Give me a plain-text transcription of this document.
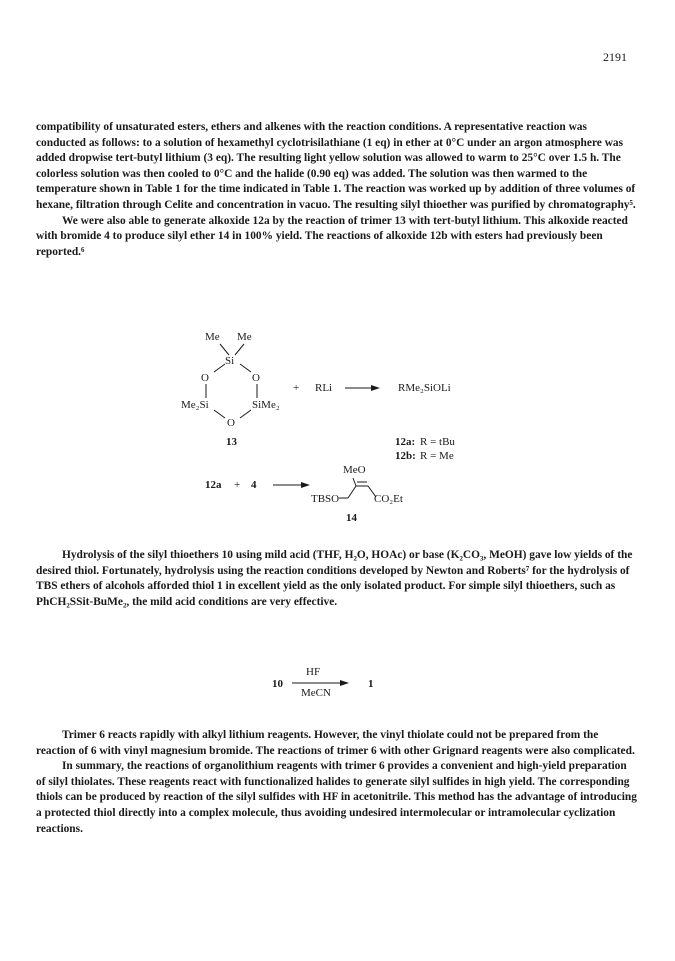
2191

compatibility of unsaturated esters, ethers and alkenes with the reaction conditions. A representative reaction was conducted as follows: to a solution of hexamethyl cyclotrisilathiane (1 eq) in ether at 0°C under an argon atmosphere was added dropwise tert-butyl lithium (3 eq). The resulting light yellow solution was allowed to warm to 25°C over 1.5 h. The colorless solution was then cooled to 0°C and the halide (0.90 eq) was added. The solution was then warmed to the temperature shown in Table 1 for the time indicated in Table 1. The reaction was worked up by addition of three volumes of hexane, filtration through Celite and concentration in vacuo. The resulting silyl thioether was purified by chromatography⁵.

We were also able to generate alkoxide 12a by the reaction of trimer 13 with tert-butyl lithium. This alkoxide reacted with bromide 4 to produce silyl ether 14 in 100% yield. The reactions of alkoxide 12b with esters had previously been reported.⁶

Me Me
Si
O	O
Me₂Si	SiMe₂
O
+ RLi	RMe₂SiOLi
13	12a: R = tBu
12b: R = Me
12a + 4
MeO
TBSO	CO₂Et
14
10
HF
MeCN
1

Hydrolysis of the silyl thioethers 10 using mild acid (THF, H₂O, HOAc) or base (K₂CO₃, MeOH) gave low yields of the desired thiol. Fortunately, hydrolysis using the reaction conditions developed by Newton and Roberts⁷ for the hydrolysis of TBS ethers of alcohols afforded thiol 1 in excellent yield as the only isolated product. For simple silyl thioethers, such as PhCH₂SSit-BuMe₂, the mild acid conditions are very effective.

Trimer 6 reacts rapidly with alkyl lithium reagents. However, the vinyl thiolate could not be prepared from the reaction of 6 with vinyl magnesium bromide. The reactions of trimer 6 with other Grignard reagents were also complicated.

In summary, the reactions of organolithium reagents with trimer 6 provides a convenient and high-yield preparation of silyl thiolates. These reagents react with functionalized halides to generate silyl sulfides in high yield. The corresponding thiols can be produced by reaction of the silyl sulfides with HF in acetonitrile. This method has the advantage of introducing a protected thiol directly into a complex molecule, thus avoiding undesired intermolecular or intramolecular cyclization reactions.
